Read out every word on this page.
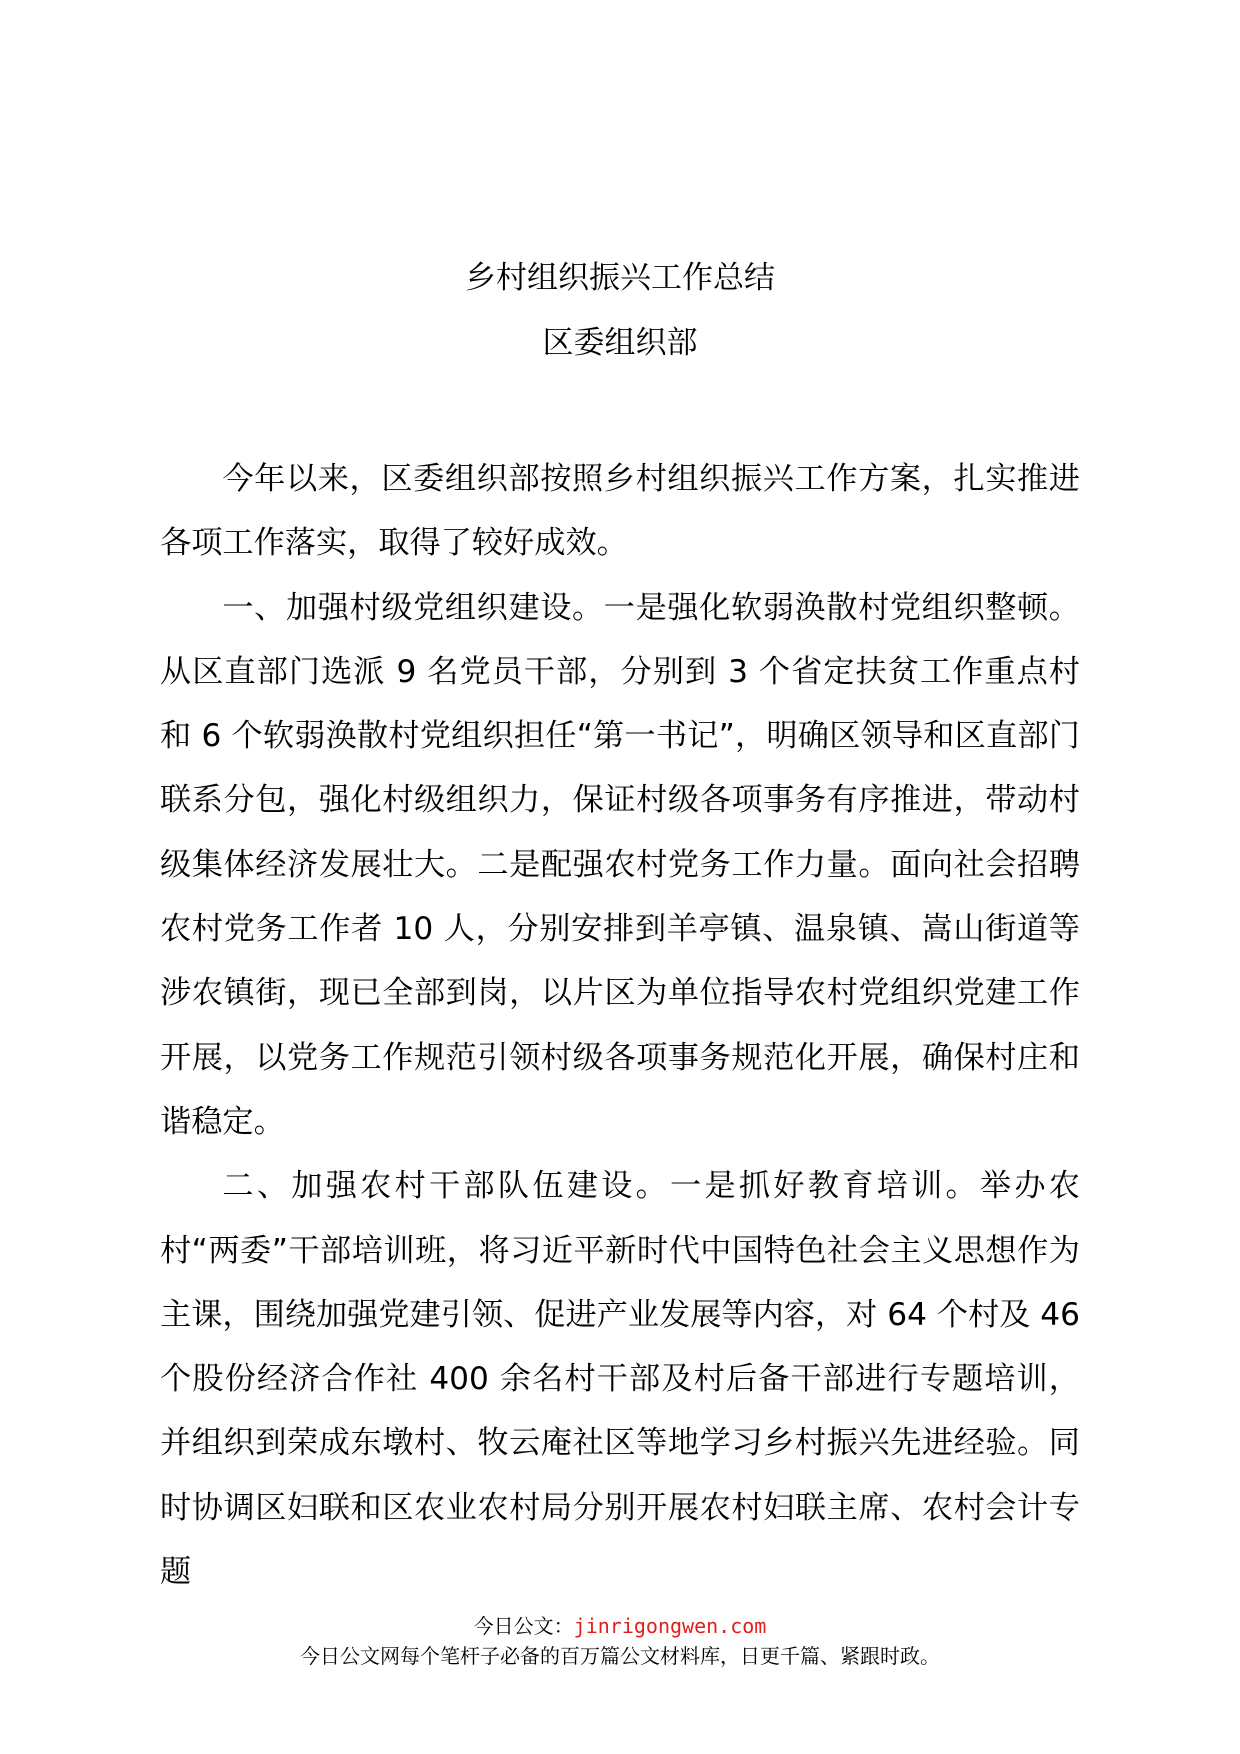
乡村组织振兴工作总结
区委组织部

今年以来，区委组织部按照乡村组织振兴工作方案，扎实推进各项工作落实，取得了较好成效。

一、加强村级党组织建设。一是强化软弱涣散村党组织整顿。从区直部门选派 9 名党员干部，分别到 3 个省定扶贫工作重点村和 6 个软弱涣散村党组织担任“第一书记”，明确区领导和区直部门联系分包，强化村级组织力，保证村级各项事务有序推进，带动村级集体经济发展壮大。二是配强农村党务工作力量。面向社会招聘农村党务工作者 10 人，分别安排到羊亭镇、温泉镇、嵩山街道等涉农镇街，现已全部到岗，以片区为单位指导农村党组织党建工作开展，以党务工作规范引领村级各项事务规范化开展，确保村庄和谐稳定。

二、加强农村干部队伍建设。一是抓好教育培训。举办农村“两委”干部培训班，将习近平新时代中国特色社会主义思想作为主课，围绕加强党建引领、促进产业发展等内容，对 64 个村及 46 个股份经济合作社 400 余名村干部及村后备干部进行专题培训，并组织到荣成东墩村、牧云庵社区等地学习乡村振兴先进经验。同时协调区妇联和区农业农村局分别开展农村妇联主席、农村会计专题

今日公文：jinrigongwen.com
今日公文网每个笔杆子必备的百万篇公文材料库，日更千篇、紧跟时政。
